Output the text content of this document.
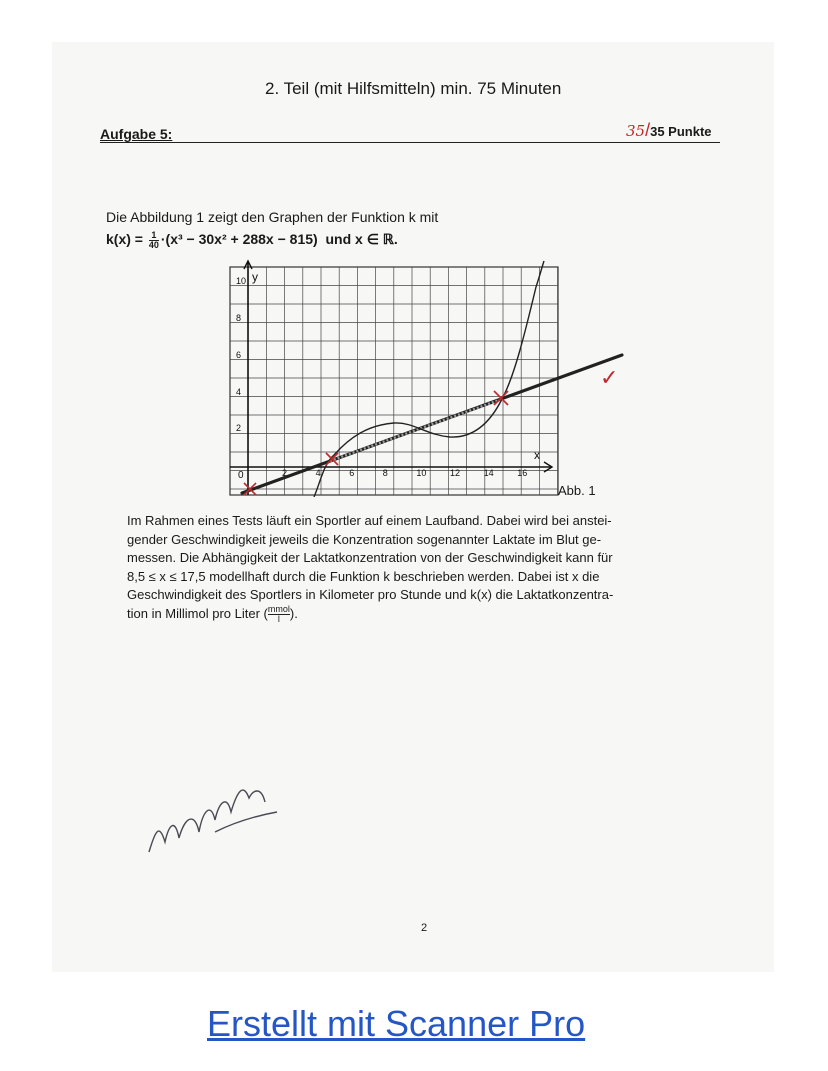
2. Teil (mit Hilfsmitteln) min. 75 Minuten
Aufgabe 5:	35/35 Punkte
Die Abbildung 1 zeigt den Graphen der Funktion k mit
$k(x) = \frac{1}{40} \cdot(x^3 - 30x^2 + 288x - 815)$ und x ∈ ℝ.
✓
y
x
0
10
8
6
4
2
2	4	6	8	10	12	14	16
Abb. 1
Im Rahmen eines Tests läuft ein Sportler auf einem Laufband. Dabei wird bei anstei-
gender Geschwindigkeit jeweils die Konzentration sogenannter Laktate im Blut ge-
messen. Die Abhängigkeit der Laktatkonzentration von der Geschwindigkeit kann für
8,5 ≤ x ≤ 17,5 modellhaft durch die Funktion k beschrieben werden. Dabei ist x die
Geschwindigkeit des Sportlers in Kilometer pro Stunde und k(x) die Laktatkonzentra-
tion in Millimol pro Liter ( mmol
l ).
2
Erstellt mit Scanner Pro
